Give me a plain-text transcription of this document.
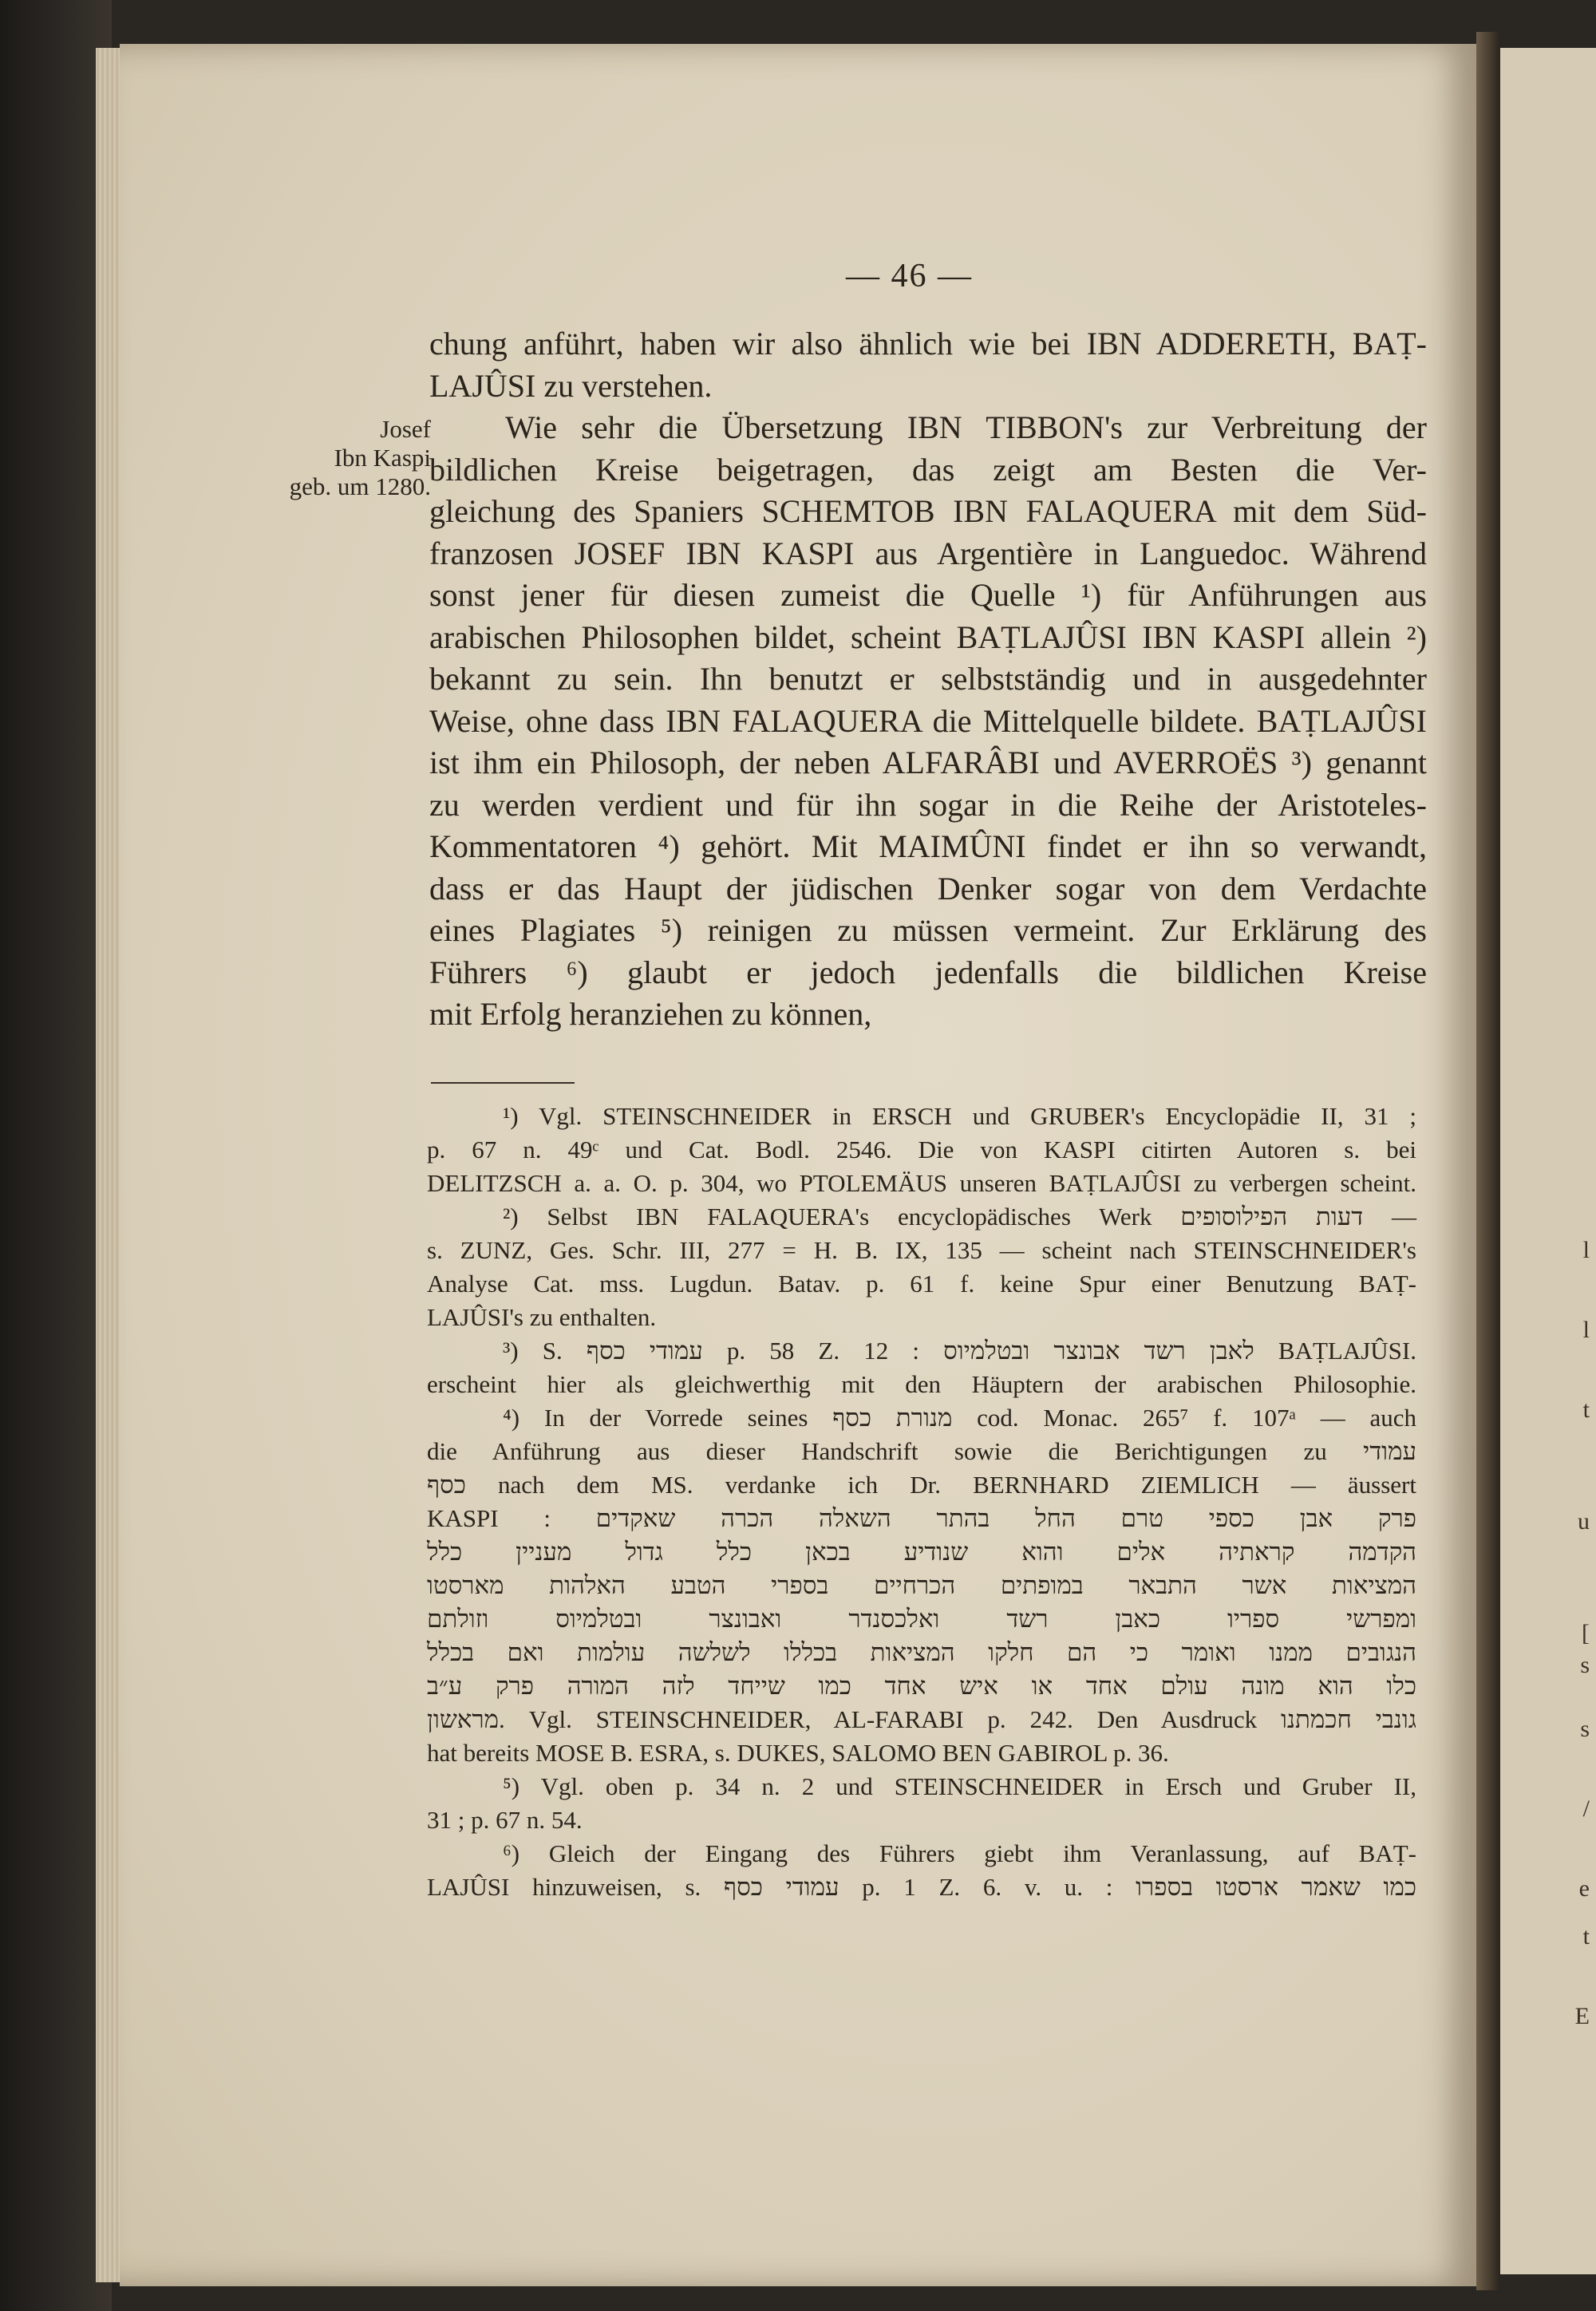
l
l
t
u
[
s
s
/
e
t
E
— 46 —
Josef
Ibn Kaspi
geb. um 1280.
chung anführt, haben wir also ähnlich wie bei IBN ADDERETH, BAṬ-
LAJÛSI zu verstehen.
Wie sehr die Übersetzung IBN TIBBON's zur Verbreitung der
bildlichen Kreise beigetragen, das zeigt am Besten die Ver-
gleichung des Spaniers SCHEMTOB IBN FALAQUERA mit dem Süd-
franzosen JOSEF IBN KASPI aus Argentière in Languedoc. Während
sonst jener für diesen zumeist die Quelle ¹) für Anführungen aus
arabischen Philosophen bildet, scheint BAṬLAJÛSI IBN KASPI allein ²)
bekannt zu sein. Ihn benutzt er selbstständig und in ausgedehnter
Weise, ohne dass IBN FALAQUERA die Mittelquelle bildete. BAṬLAJÛSI
ist ihm ein Philosoph, der neben ALFARÂBI und AVERROËS ³) genannt
zu werden verdient und für ihn sogar in die Reihe der Aristoteles-
Kommentatoren ⁴) gehört. Mit MAIMÛNI findet er ihn so verwandt,
dass er das Haupt der jüdischen Denker sogar von dem Verdachte
eines Plagiates ⁵) reinigen zu müssen vermeint. Zur Erklärung des
Führers ⁶) glaubt er jedoch jedenfalls die bildlichen Kreise
mit Erfolg heranziehen zu können,
¹) Vgl. STEINSCHNEIDER in ERSCH und GRUBER's Encyclopädie II, 31 ;
p. 67 n. 49ᶜ und Cat. Bodl. 2546. Die von KASPI citirten Autoren s. bei
DELITZSCH a. a. O. p. 304, wo PTOLEMÄUS unseren BAṬLAJÛSI zu verbergen scheint.
²) Selbst IBN FALAQUERA's encyclopädisches Werk דעות הפילוסופים —
s. ZUNZ, Ges. Schr. III, 277 = H. B. IX, 135 — scheint nach STEINSCHNEIDER's
Analyse Cat. mss. Lugdun. Batav. p. 61 f. keine Spur einer Benutzung BAṬ-
LAJÛSI's zu enthalten.
³) S. עמודי כסף p. 58 Z. 12 : לאבן רשד אבונצר ובטלמיוס BAṬLAJÛSI.
erscheint hier als gleichwerthig mit den Häuptern der arabischen Philosophie.
⁴) In der Vorrede seines מנורת כסף cod. Monac. 265⁷ f. 107ᵃ — auch
die Anführung aus dieser Handschrift sowie die Berichtigungen zu עמודי
כסף nach dem MS. verdanke ich Dr. BERNHARD ZIEMLICH — äussert
KASPI : פרק אבן כספי טרם החל בהתר השאלה הכרה שאקדים
הקדמה קראתיה אלים והוא שנודיע בכאן כלל גדול מעניין כלל
המציאות אשר התבאר במופתים הכרחיים בספרי הטבע האלהות מארסטו
ומפרשי ספריו כאבן רשד ואלכסנדר ואבונצר ובטלמיוס וזולתם
הנגובים ממנו ואומר כי הם חלקו המציאות בכללו לשלשה עולמות ואם בכלל
כלו הוא מונה עולם אחד או איש אחד כמו שייחד לזה המורה פרק ע״ב
מראשון. Vgl. STEINSCHNEIDER, AL-FARABI p. 242. Den Ausdruck גונבי חכמתנו
hat bereits MOSE B. ESRA, s. DUKES, SALOMO BEN GABIROL p. 36.
⁵) Vgl. oben p. 34 n. 2 und STEINSCHNEIDER in Ersch und Gruber II,
31 ; p. 67 n. 54.
⁶) Gleich der Eingang des Führers giebt ihm Veranlassung, auf BAṬ-
LAJÛSI hinzuweisen, s. עמודי כסף p. 1 Z. 6. v. u. : כמו שאמר ארסטו בספרו
